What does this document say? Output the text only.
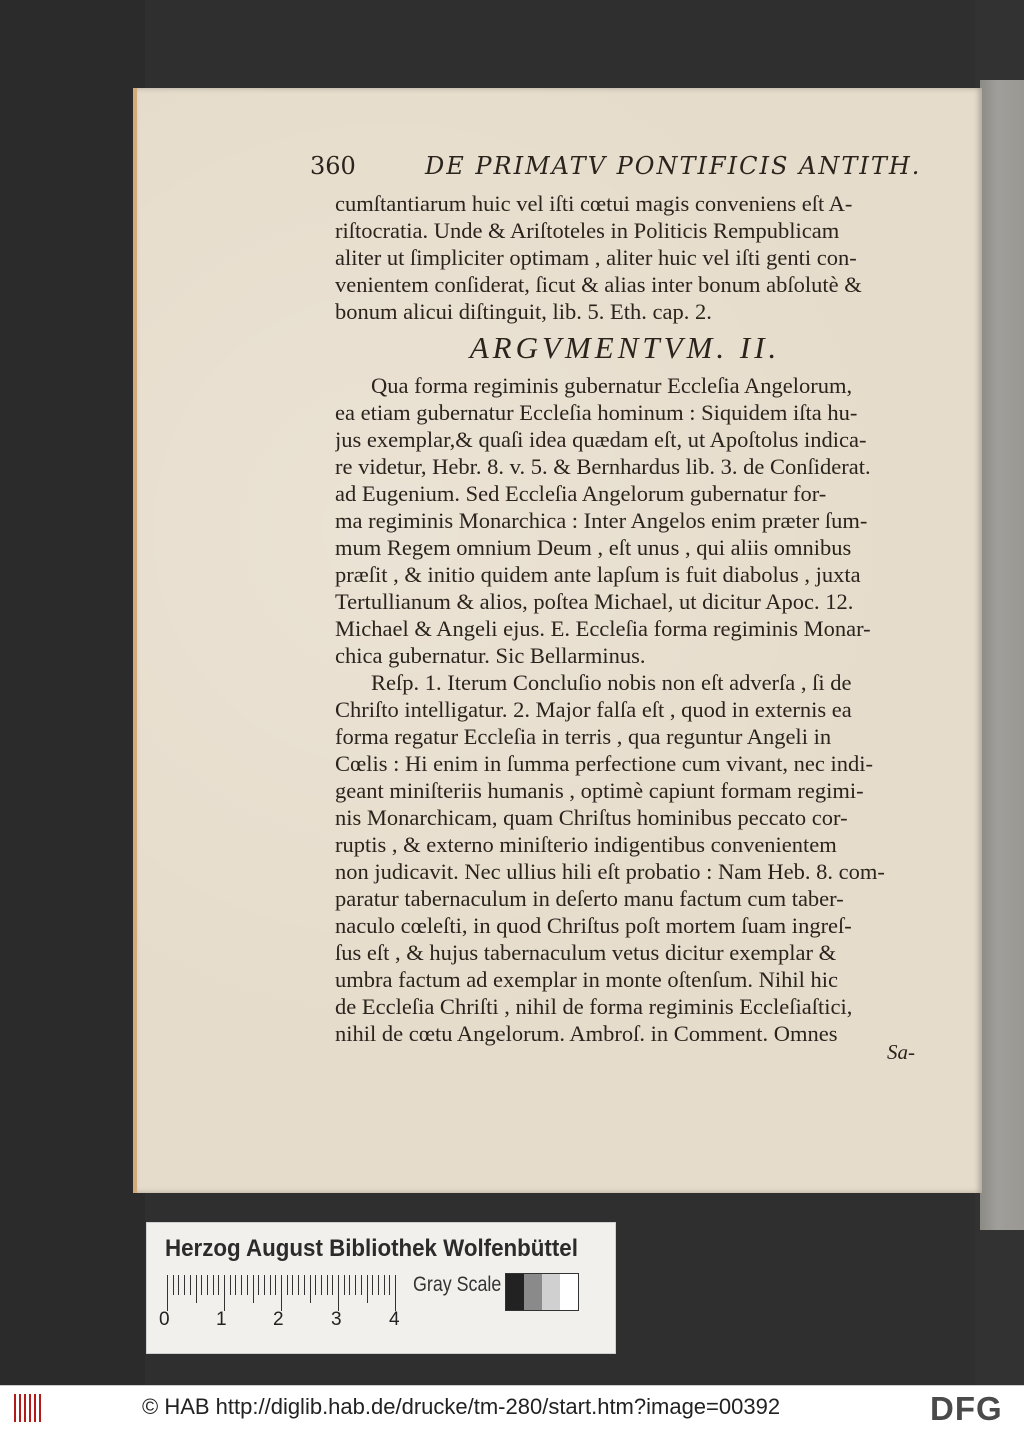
360	DE PRIMATV PONTIFICIS ANTITH.
cumſtantiarum huic vel iſti cœtui magis conveniens eſt A-
riſtocratia. Unde & Ariſtoteles in Politicis Rempublicam
aliter ut ſimpliciter optimam , aliter huic vel iſti genti con-
venientem conſiderat, ſicut & alias inter bonum abſolutè &
bonum alicui diſtinguit, lib. 5. Eth. cap. 2.
ARGVMENTVM. II.
Qua forma regiminis gubernatur Eccleſia Angelorum,
ea etiam gubernatur Eccleſia hominum : Siquidem iſta hu-
jus exemplar,& quaſi idea quædam eſt, ut Apoſtolus indica-
re videtur, Hebr. 8. v. 5. & Bernhardus lib. 3. de Conſiderat.
ad Eugenium. Sed Eccleſia Angelorum gubernatur for-
ma regiminis Monarchica : Inter Angelos enim præter ſum-
mum Regem omnium Deum , eſt unus , qui aliis omnibus
præſit , & initio quidem ante lapſum is fuit diabolus , juxta
Tertullianum & alios, poſtea Michael, ut dicitur Apoc. 12.
Michael & Angeli ejus. E. Eccleſia forma regiminis Monar-
chica gubernatur. Sic Bellarminus.
Reſp. 1. Iterum Concluſio nobis non eſt adverſa , ſi de
Chriſto intelligatur. 2. Major falſa eſt , quod in externis ea
forma regatur Eccleſia in terris , qua reguntur Angeli in
Cœlis : Hi enim in ſumma perfectione cum vivant, nec indi-
geant miniſteriis humanis , optimè capiunt formam regimi-
nis Monarchicam, quam Chriſtus hominibus peccato cor-
ruptis , & externo miniſterio indigentibus convenientem
non judicavit. Nec ullius hili eſt probatio : Nam Heb. 8. com-
paratur tabernaculum in deſerto manu factum cum taber-
naculo cœleſti, in quod Chriſtus poſt mortem ſuam ingreſ-
ſus eſt , & hujus tabernaculum vetus dicitur exemplar &
umbra factum ad exemplar in monte oſtenſum. Nihil hic
de Eccleſia Chriſti , nihil de forma regiminis Eccleſiaſtici,
nihil de cœtu Angelorum. Ambroſ. in Comment. Omnes
Sa-
Herzog August Bibliothek Wolfenbüttel
0 1 2 3 4
Gray Scale
© HAB http://diglib.hab.de/drucke/tm-280/start.htm?image=00392	DFG
